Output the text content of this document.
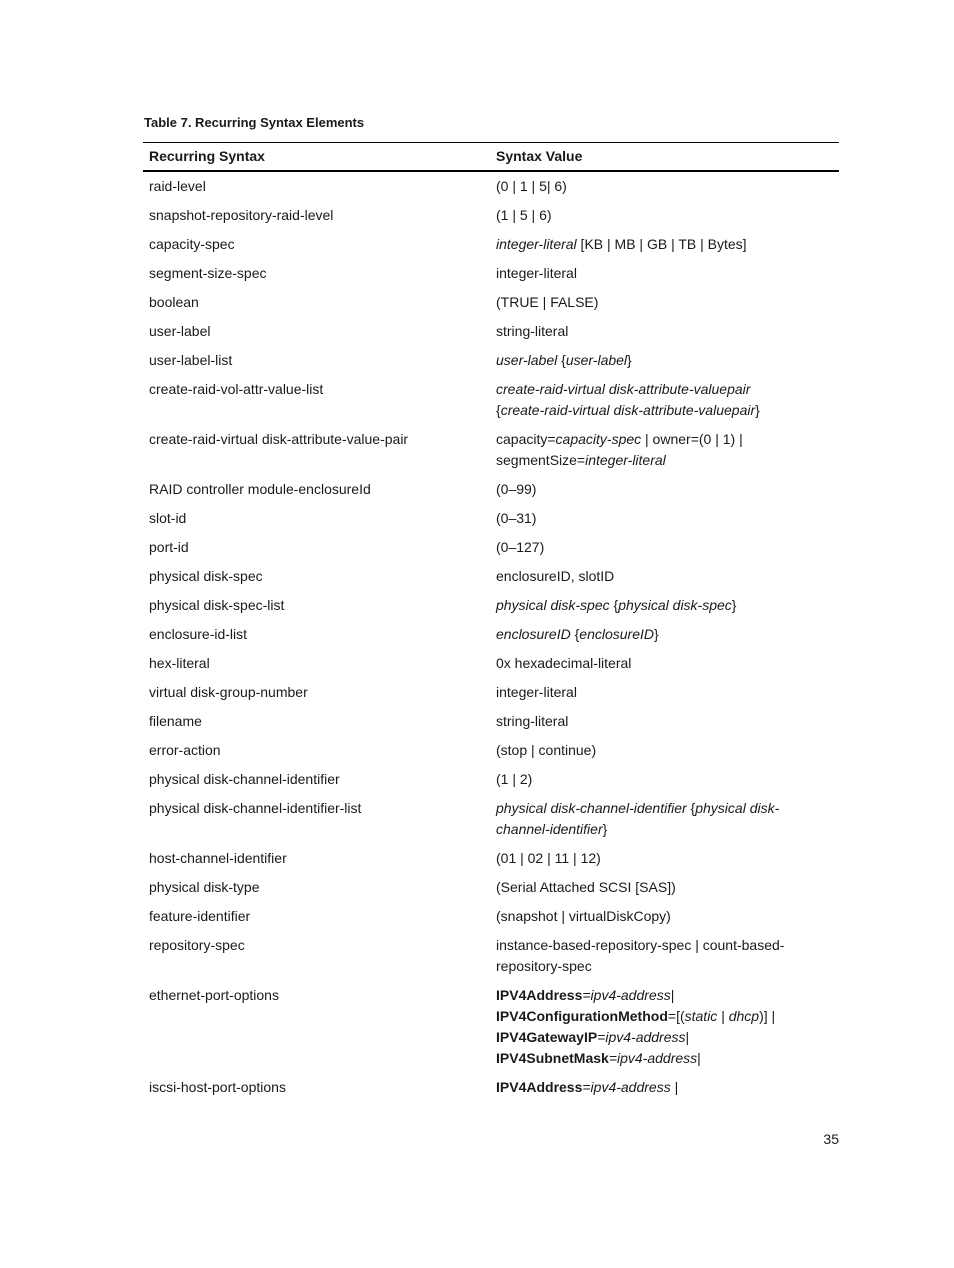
Table 7. Recurring Syntax Elements
Recurring Syntax	Syntax Value
raid-level	(0 | 1 | 5| 6)
snapshot-repository-raid-level	(1 | 5 | 6)
capacity-spec	integer-literal [KB | MB | GB | TB | Bytes]
segment-size-spec	integer-literal
boolean	(TRUE | FALSE)
user-label	string-literal
user-label-list	user-label {user-label}
create-raid-vol-attr-value-list	create-raid-virtual disk-attribute-valuepair
{create-raid-virtual disk-attribute-valuepair}
create-raid-virtual disk-attribute-value-pair	capacity=capacity-spec | owner=(0 | 1) |
segmentSize=integer-literal
RAID controller module-enclosureId	(0–99)
slot-id	(0–31)
port-id	(0–127)
physical disk-spec	enclosureID, slotID
physical disk-spec-list	physical disk-spec {physical disk-spec}
enclosure-id-list	enclosureID {enclosureID}
hex-literal	0x hexadecimal-literal
virtual disk-group-number	integer-literal
filename	string-literal
error-action	(stop | continue)
physical disk-channel-identifier	(1 | 2)
physical disk-channel-identifier-list	physical disk-channel-identifier {physical disk-
channel-identifier}
host-channel-identifier	(01 | 02 | 11 | 12)
physical disk-type	(Serial Attached SCSI [SAS])
feature-identifier	(snapshot | virtualDiskCopy)
repository-spec	instance-based-repository-spec | count-based-
repository-spec
ethernet-port-options	IPV4Address=ipv4-address|
IPV4ConfigurationMethod=[(static | dhcp)] |
IPV4GatewayIP=ipv4-address|
IPV4SubnetMask=ipv4-address|
iscsi-host-port-options	IPV4Address=ipv4-address |
35
